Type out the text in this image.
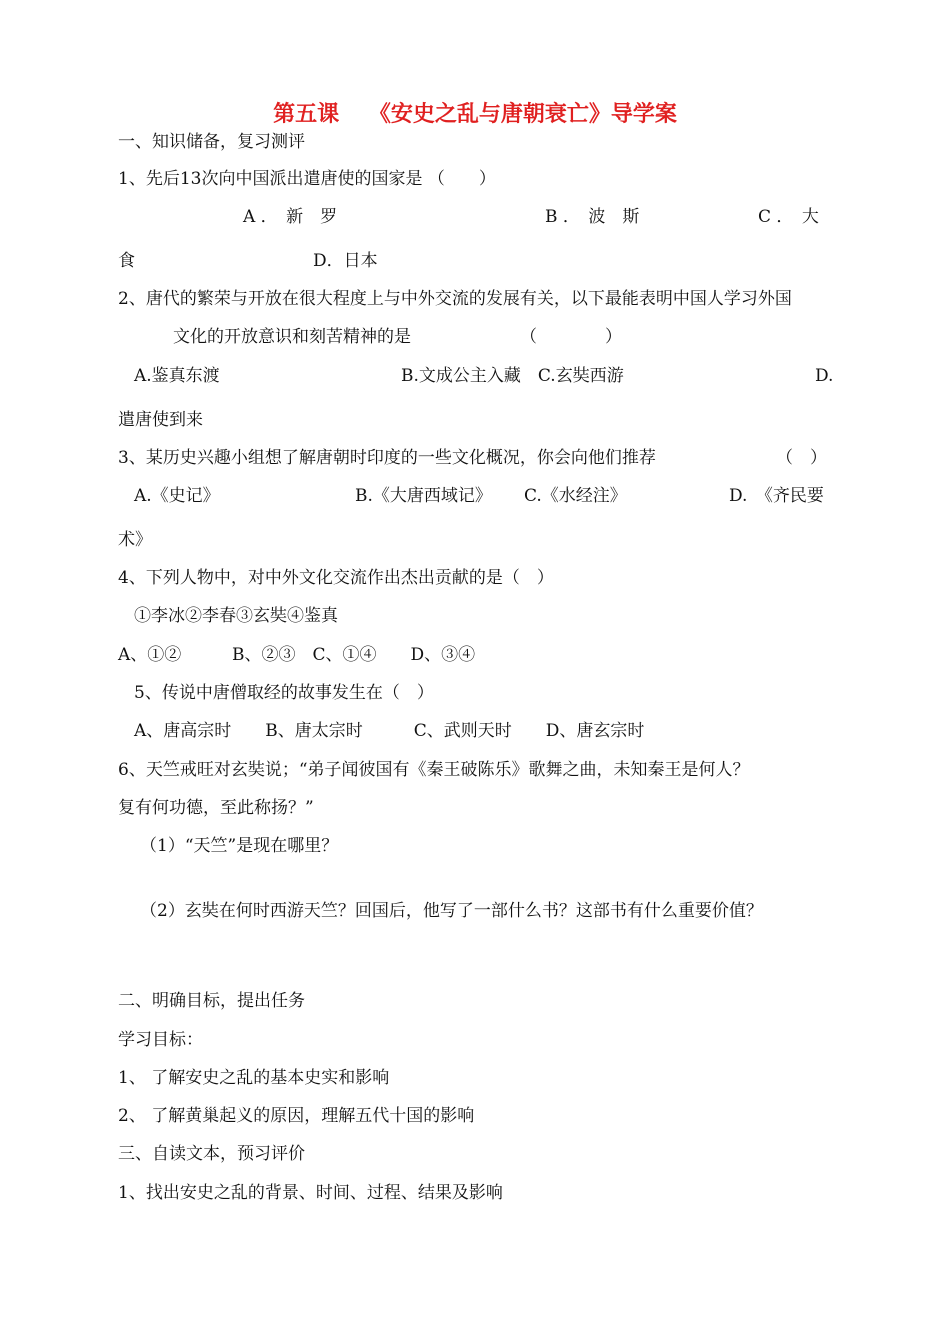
第五课　 《安史之乱与唐朝衰亡》导学案
一、知识储备，复习测评
1、先后13次向中国派出遣唐使的国家是 （　　）
A ．　新　罗	B ．　波　斯	C ．　大
食	D．日本
2、唐代的繁荣与开放在很大程度上与中外交流的发展有关，以下最能表明中国人学习外国
文化的开放意识和刻苦精神的是	（　　　　）
A.鉴真东渡	B.文成公主入藏　C.玄奘西游	D.
遣唐使到来
3、某历史兴趣小组想了解唐朝时印度的一些文化概况，你会向他们推荐	（　）
A.《史记》	B.《大唐西域记》 C.《水经注》	D.　《齐民要
术》
4、下列人物中，对中外文化交流作出杰出贡献的是（　）
①李冰②李春③玄奘④鉴真
A、①②	B、②③　C、①④　　D、③④
5、传说中唐僧取经的故事发生在（　）
A、唐高宗时　　B、唐太宗时　　　C、武则天时　　D、唐玄宗时
6、天竺戒旺对玄奘说；“弟子闻彼国有《秦王破陈乐》歌舞之曲，未知秦王是何人？
复有何功德，至此称扬？”
（1）“天竺”是现在哪里？
（2）玄奘在何时西游天竺？回国后，他写了一部什么书？这部书有什么重要价值？
二、明确目标，提出任务
学习目标：
1、 了解安史之乱的基本史实和影响
2、 了解黄巢起义的原因，理解五代十国的影响
三、自读文本，预习评价
1、找出安史之乱的背景、时间、过程、结果及影响
